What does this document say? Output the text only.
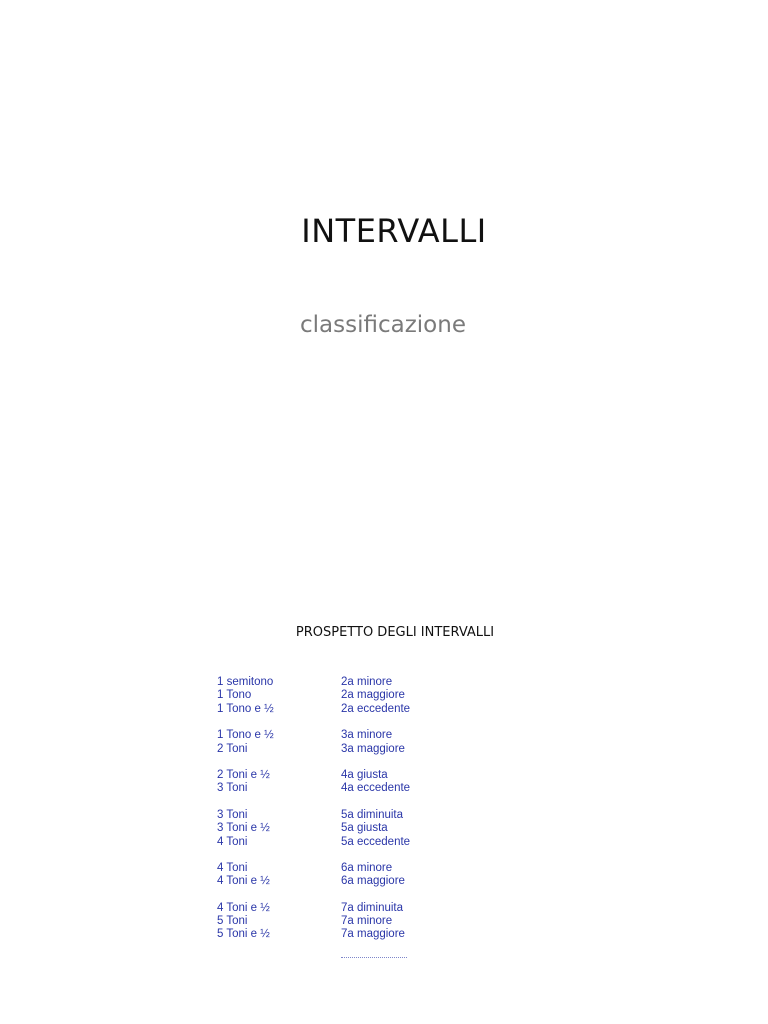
INTERVALLI
classificazione
PROSPETTO DEGLI INTERVALLI
1 semitono	2a minore
1 Tono	2a maggiore
1 Tono e ½	2a eccedente
1 Tono e ½	3a minore
2 Toni	3a maggiore
2 Toni e ½	4a giusta
3 Toni	4a eccedente
3 Toni	5a diminuita
3 Toni e ½	5a giusta
4 Toni	5a eccedente
4 Toni	6a minore
4 Toni e ½	6a maggiore
4 Toni e ½	7a diminuita
5 Toni	7a minore
5 Toni e ½	7a maggiore
